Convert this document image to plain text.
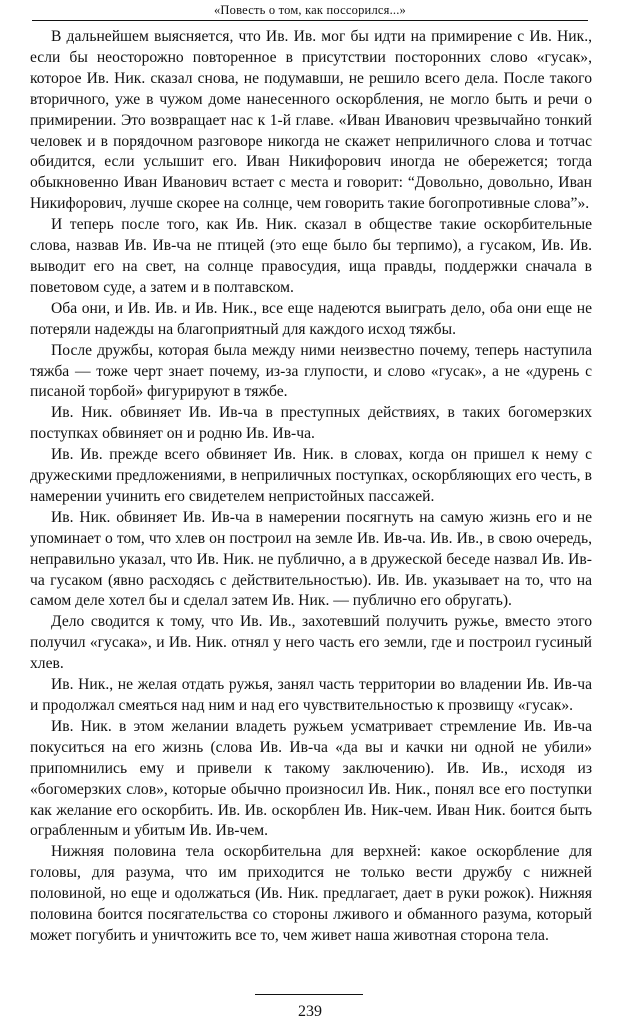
«Повесть о том, как поссорился...»

В дальнейшем выясняется, что Ив. Ив. мог бы идти на примирение с Ив. Ник., если бы неосторожно повторенное в присутствии посторонних слово «гусак», которое Ив. Ник. сказал снова, не подумавши, не решило всего дела. После такого вторичного, уже в чужом доме нанесенного оскорбления, не могло быть и речи о примирении. Это возвращает нас к 1-й главе. «Иван Иванович чрезвычайно тонкий человек и в порядочном разговоре никогда не скажет неприличного слова и тотчас обидится, если услышит его. Иван Никифорович иногда не обережется; тогда обыкновенно Иван Иванович встает с места и говорит: “Довольно, довольно, Иван Никифорович, лучше скорее на солнце, чем говорить такие богопротивные слова”».

И теперь после того, как Ив. Ник. сказал в обществе такие оскорбительные слова, назвав Ив. Ив-ча не птицей (это еще было бы терпимо), а гусаком, Ив. Ив. выводит его на свет, на солнце правосудия, ища правды, поддержки сначала в поветовом суде, а затем и в полтавском.

Оба они, и Ив. Ив. и Ив. Ник., все еще надеются выиграть дело, оба они еще не потеряли надежды на благоприятный для каждого исход тяжбы.

После дружбы, которая была между ними неизвестно почему, теперь наступила тяжба — тоже черт знает почему, из-за глупости, и слово «гусак», а не «дурень с писаной торбой» фигурируют в тяжбе.

Ив. Ник. обвиняет Ив. Ив-ча в преступных действиях, в таких богомерзких поступках обвиняет он и родню Ив. Ив-ча.

Ив. Ив. прежде всего обвиняет Ив. Ник. в словах, когда он пришел к нему с дружескими предложениями, в неприличных поступках, оскорбляющих его честь, в намерении учинить его свидетелем непристойных пассажей.

Ив. Ник. обвиняет Ив. Ив-ча в намерении посягнуть на самую жизнь его и не упоминает о том, что хлев он построил на земле Ив. Ив-ча. Ив. Ив., в свою очередь, неправильно указал, что Ив. Ник. не публично, а в дружеской беседе назвал Ив. Ив-ча гусаком (явно расходясь с действительностью). Ив. Ив. указывает на то, что на самом деле хотел бы и сделал затем Ив. Ник. — публично его обругать).

Дело сводится к тому, что Ив. Ив., захотевший получить ружье, вместо этого получил «гусака», и Ив. Ник. отнял у него часть его земли, где и построил гусиный хлев.

Ив. Ник., не желая отдать ружья, занял часть территории во владении Ив. Ив-ча и продолжал смеяться над ним и над его чувствительностью к прозвищу «гусак».

Ив. Ник. в этом желании владеть ружьем усматривает стремление Ив. Ив-ча покуситься на его жизнь (слова Ив. Ив-ча «да вы и качки ни одной не убили» припомнились ему и привели к такому заключению). Ив. Ив., исходя из «богомерзких слов», которые обычно произносил Ив. Ник., понял все его поступки как желание его оскорбить. Ив. Ив. оскорблен Ив. Ник-чем. Иван Ник. боится быть ограбленным и убитым Ив. Ив-чем.

Нижняя половина тела оскорбительна для верхней: какое оскорбление для головы, для разума, что им приходится не только вести дружбу с нижней половиной, но еще и одолжаться (Ив. Ник. предлагает, дает в руки рожок). Нижняя половина боится посягательства со стороны лживого и обманного разума, который может погубить и уничтожить все то, чем живет наша животная сторона тела.

239
